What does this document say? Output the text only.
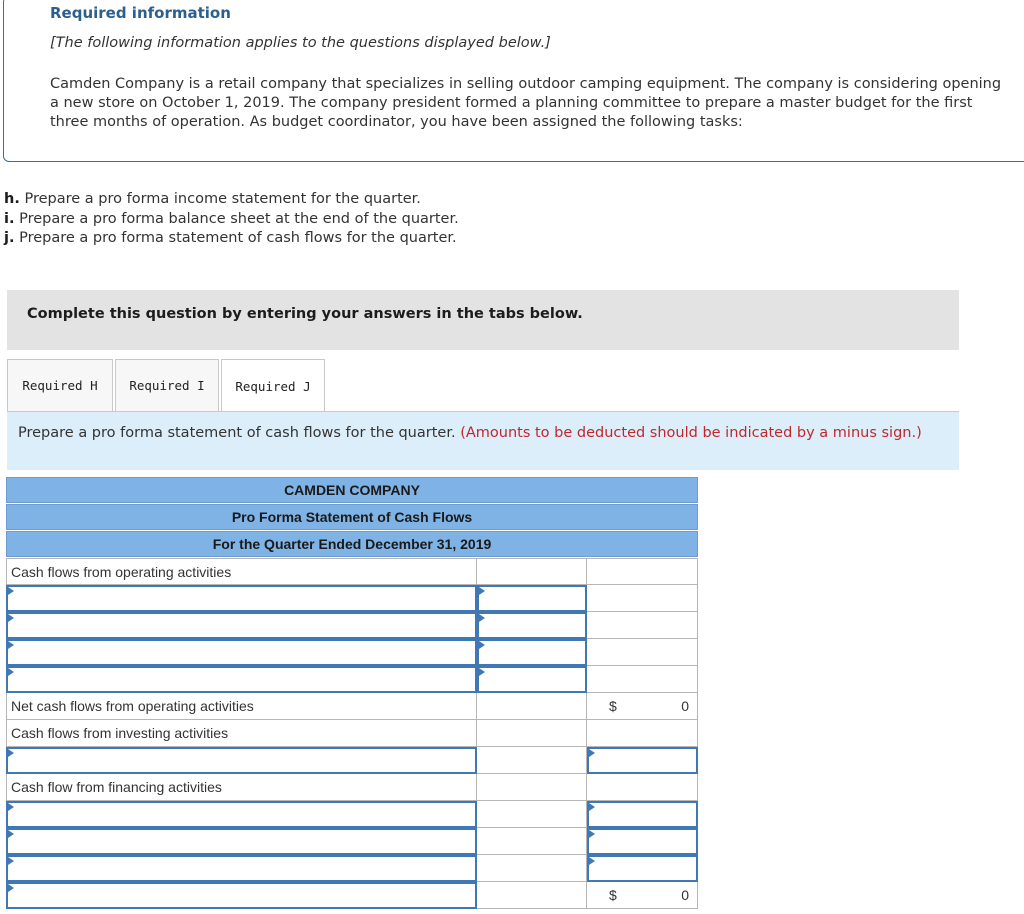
Required information
[The following information applies to the questions displayed below.]
Camden Company is a retail company that specializes in selling outdoor camping equipment. The company is considering opening a new store on October 1, 2019. The company president formed a planning committee to prepare a master budget for the first three months of operation. As budget coordinator, you have been assigned the following tasks:
h. Prepare a pro forma income statement for the quarter.
i. Prepare a pro forma balance sheet at the end of the quarter.
j. Prepare a pro forma statement of cash flows for the quarter.
Complete this question by entering your answers in the tabs below.
Required H	Required I	Required J
Prepare a pro forma statement of cash flows for the quarter. (Amounts to be deducted should be indicated by a minus sign.)
CAMDEN COMPANY
Pro Forma Statement of Cash Flows
For the Quarter Ended December 31, 2019
Cash flows from operating activities
Net cash flows from operating activities	$	0
Cash flows from investing activities
Cash flow from financing activities
$	0
